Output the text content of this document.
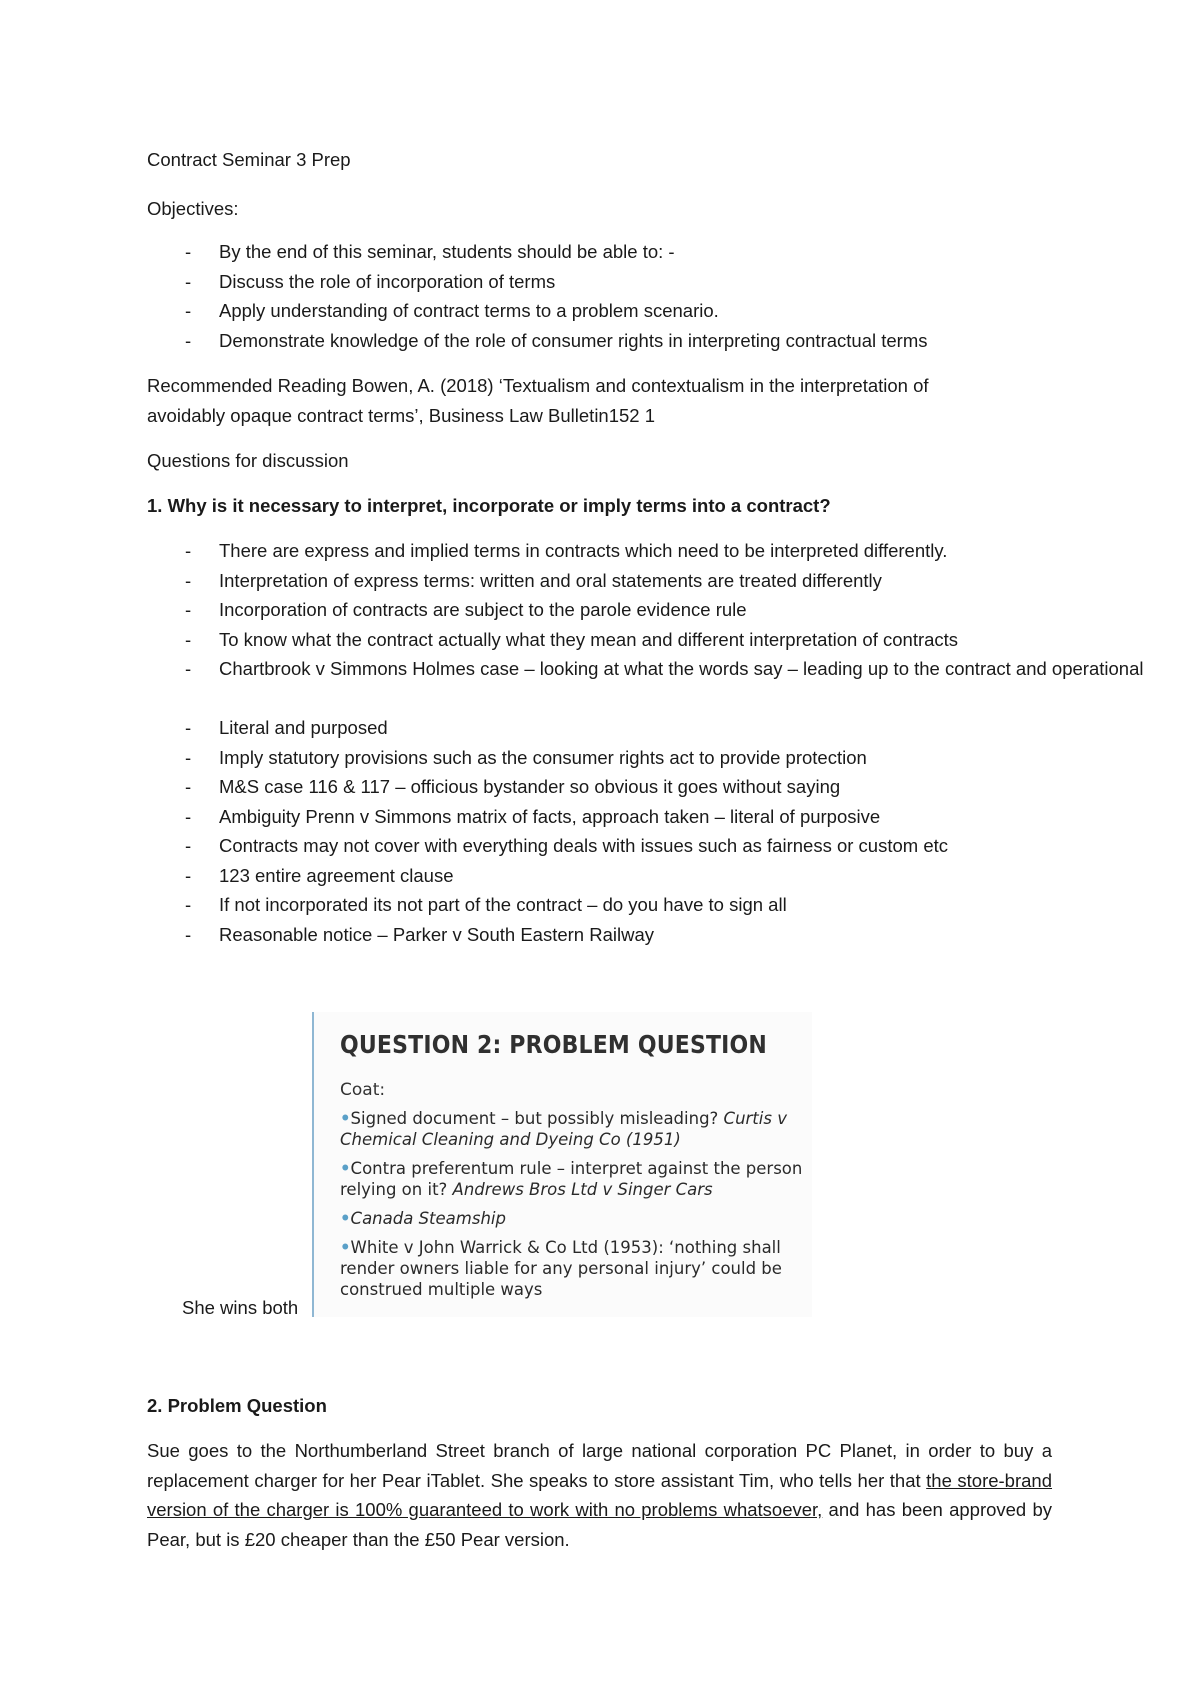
Contract Seminar 3 Prep
Objectives:
- By the end of this seminar, students should be able to: -
- Discuss the role of incorporation of terms
- Apply understanding of contract terms to a problem scenario.
- Demonstrate knowledge of the role of consumer rights in interpreting contractual terms
Recommended Reading Bowen, A. (2018) ‘Textualism and contextualism in the interpretation of
avoidably opaque contract terms’, Business Law Bulletin152 1
Questions for discussion
1. Why is it necessary to interpret, incorporate or imply terms into a contract?
- There are express and implied terms in contracts which need to be interpreted differently.
- Interpretation of express terms: written and oral statements are treated differently
- Incorporation of contracts are subject to the parole evidence rule
- To know what the contract actually what they mean and different interpretation of contracts
- Chartbrook v Simmons Holmes case – looking at what the words say – leading up to the contract and operational
- Literal and purposed
- Imply statutory provisions such as the consumer rights act to provide protection
- M&S case 116 & 117 – officious bystander so obvious it goes without saying
- Ambiguity Prenn v Simmons matrix of facts, approach taken – literal of purposive
- Contracts may not cover with everything deals with issues such as fairness or custom etc
- 123 entire agreement clause
- If not incorporated its not part of the contract – do you have to sign all
- Reasonable notice – Parker v South Eastern Railway
QUESTION 2: PROBLEM QUESTION
Coat:
•Signed document – but possibly misleading? Curtis v Chemical Cleaning and Dyeing Co (1951)
•Contra preferentum rule – interpret against the person relying on it? Andrews Bros Ltd v Singer Cars
•Canada Steamship
•White v John Warrick & Co Ltd (1953): ‘nothing shall render owners liable for any personal injury’ could be construed multiple ways
She wins both
2. Problem Question
Sue goes to the Northumberland Street branch of large national corporation PC Planet, in order to buy a replacement charger for her Pear iTablet. She speaks to store assistant Tim, who tells her that the store-brand version of the charger is 100% guaranteed to work with no problems whatsoever, and has been approved by Pear, but is £20 cheaper than the £50 Pear version.
